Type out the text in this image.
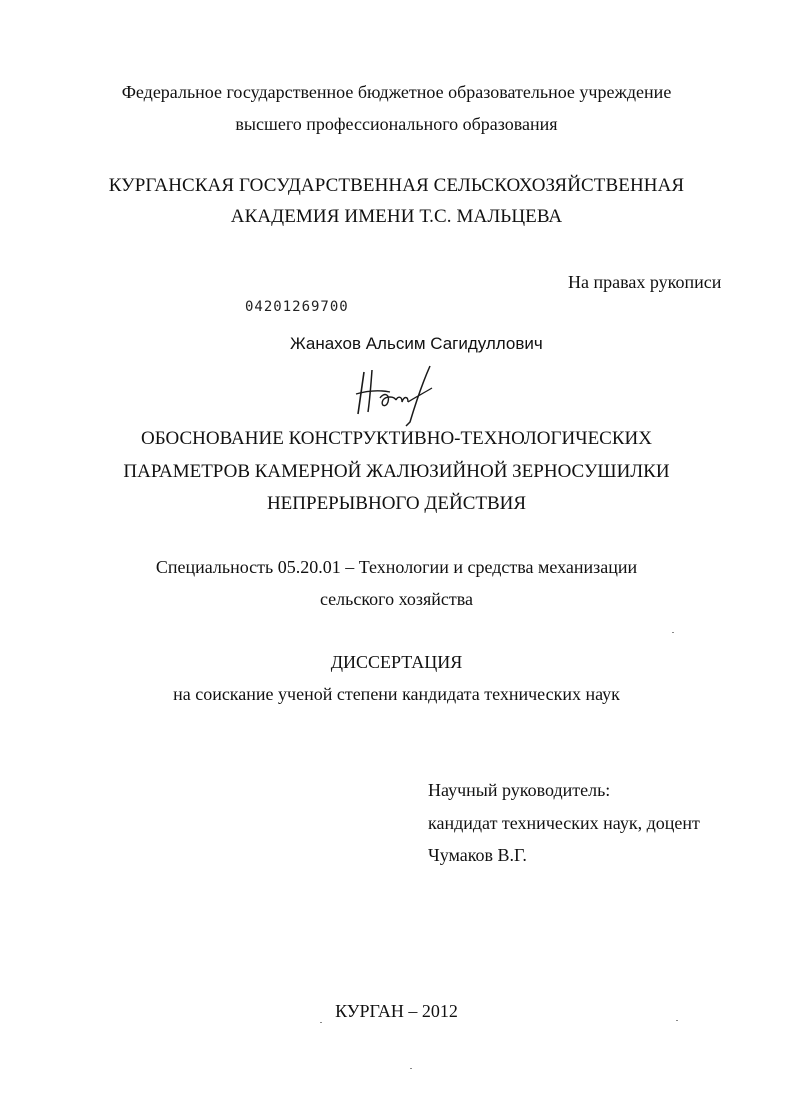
Федеральное государственное бюджетное образовательное учреждение
высшего профессионального образования
КУРГАНСКАЯ ГОСУДАРСТВЕННАЯ СЕЛЬСКОХОЗЯЙСТВЕННАЯ
АКАДЕМИЯ ИМЕНИ Т.С. МАЛЬЦЕВА
На правах рукописи
04201269700
Жанахов Альсим Сагидуллович
ОБОСНОВАНИЕ КОНСТРУКТИВНО-ТЕХНОЛОГИЧЕСКИХ
ПАРАМЕТРОВ КАМЕРНОЙ ЖАЛЮЗИЙНОЙ ЗЕРНОСУШИЛКИ
НЕПРЕРЫВНОГО ДЕЙСТВИЯ
Специальность 05.20.01 – Технологии и средства механизации
сельского хозяйства
ДИССЕРТАЦИЯ
на соискание ученой степени кандидата технических наук
Научный руководитель:
кандидат технических наук, доцент
Чумаков В.Г.
КУРГАН – 2012
